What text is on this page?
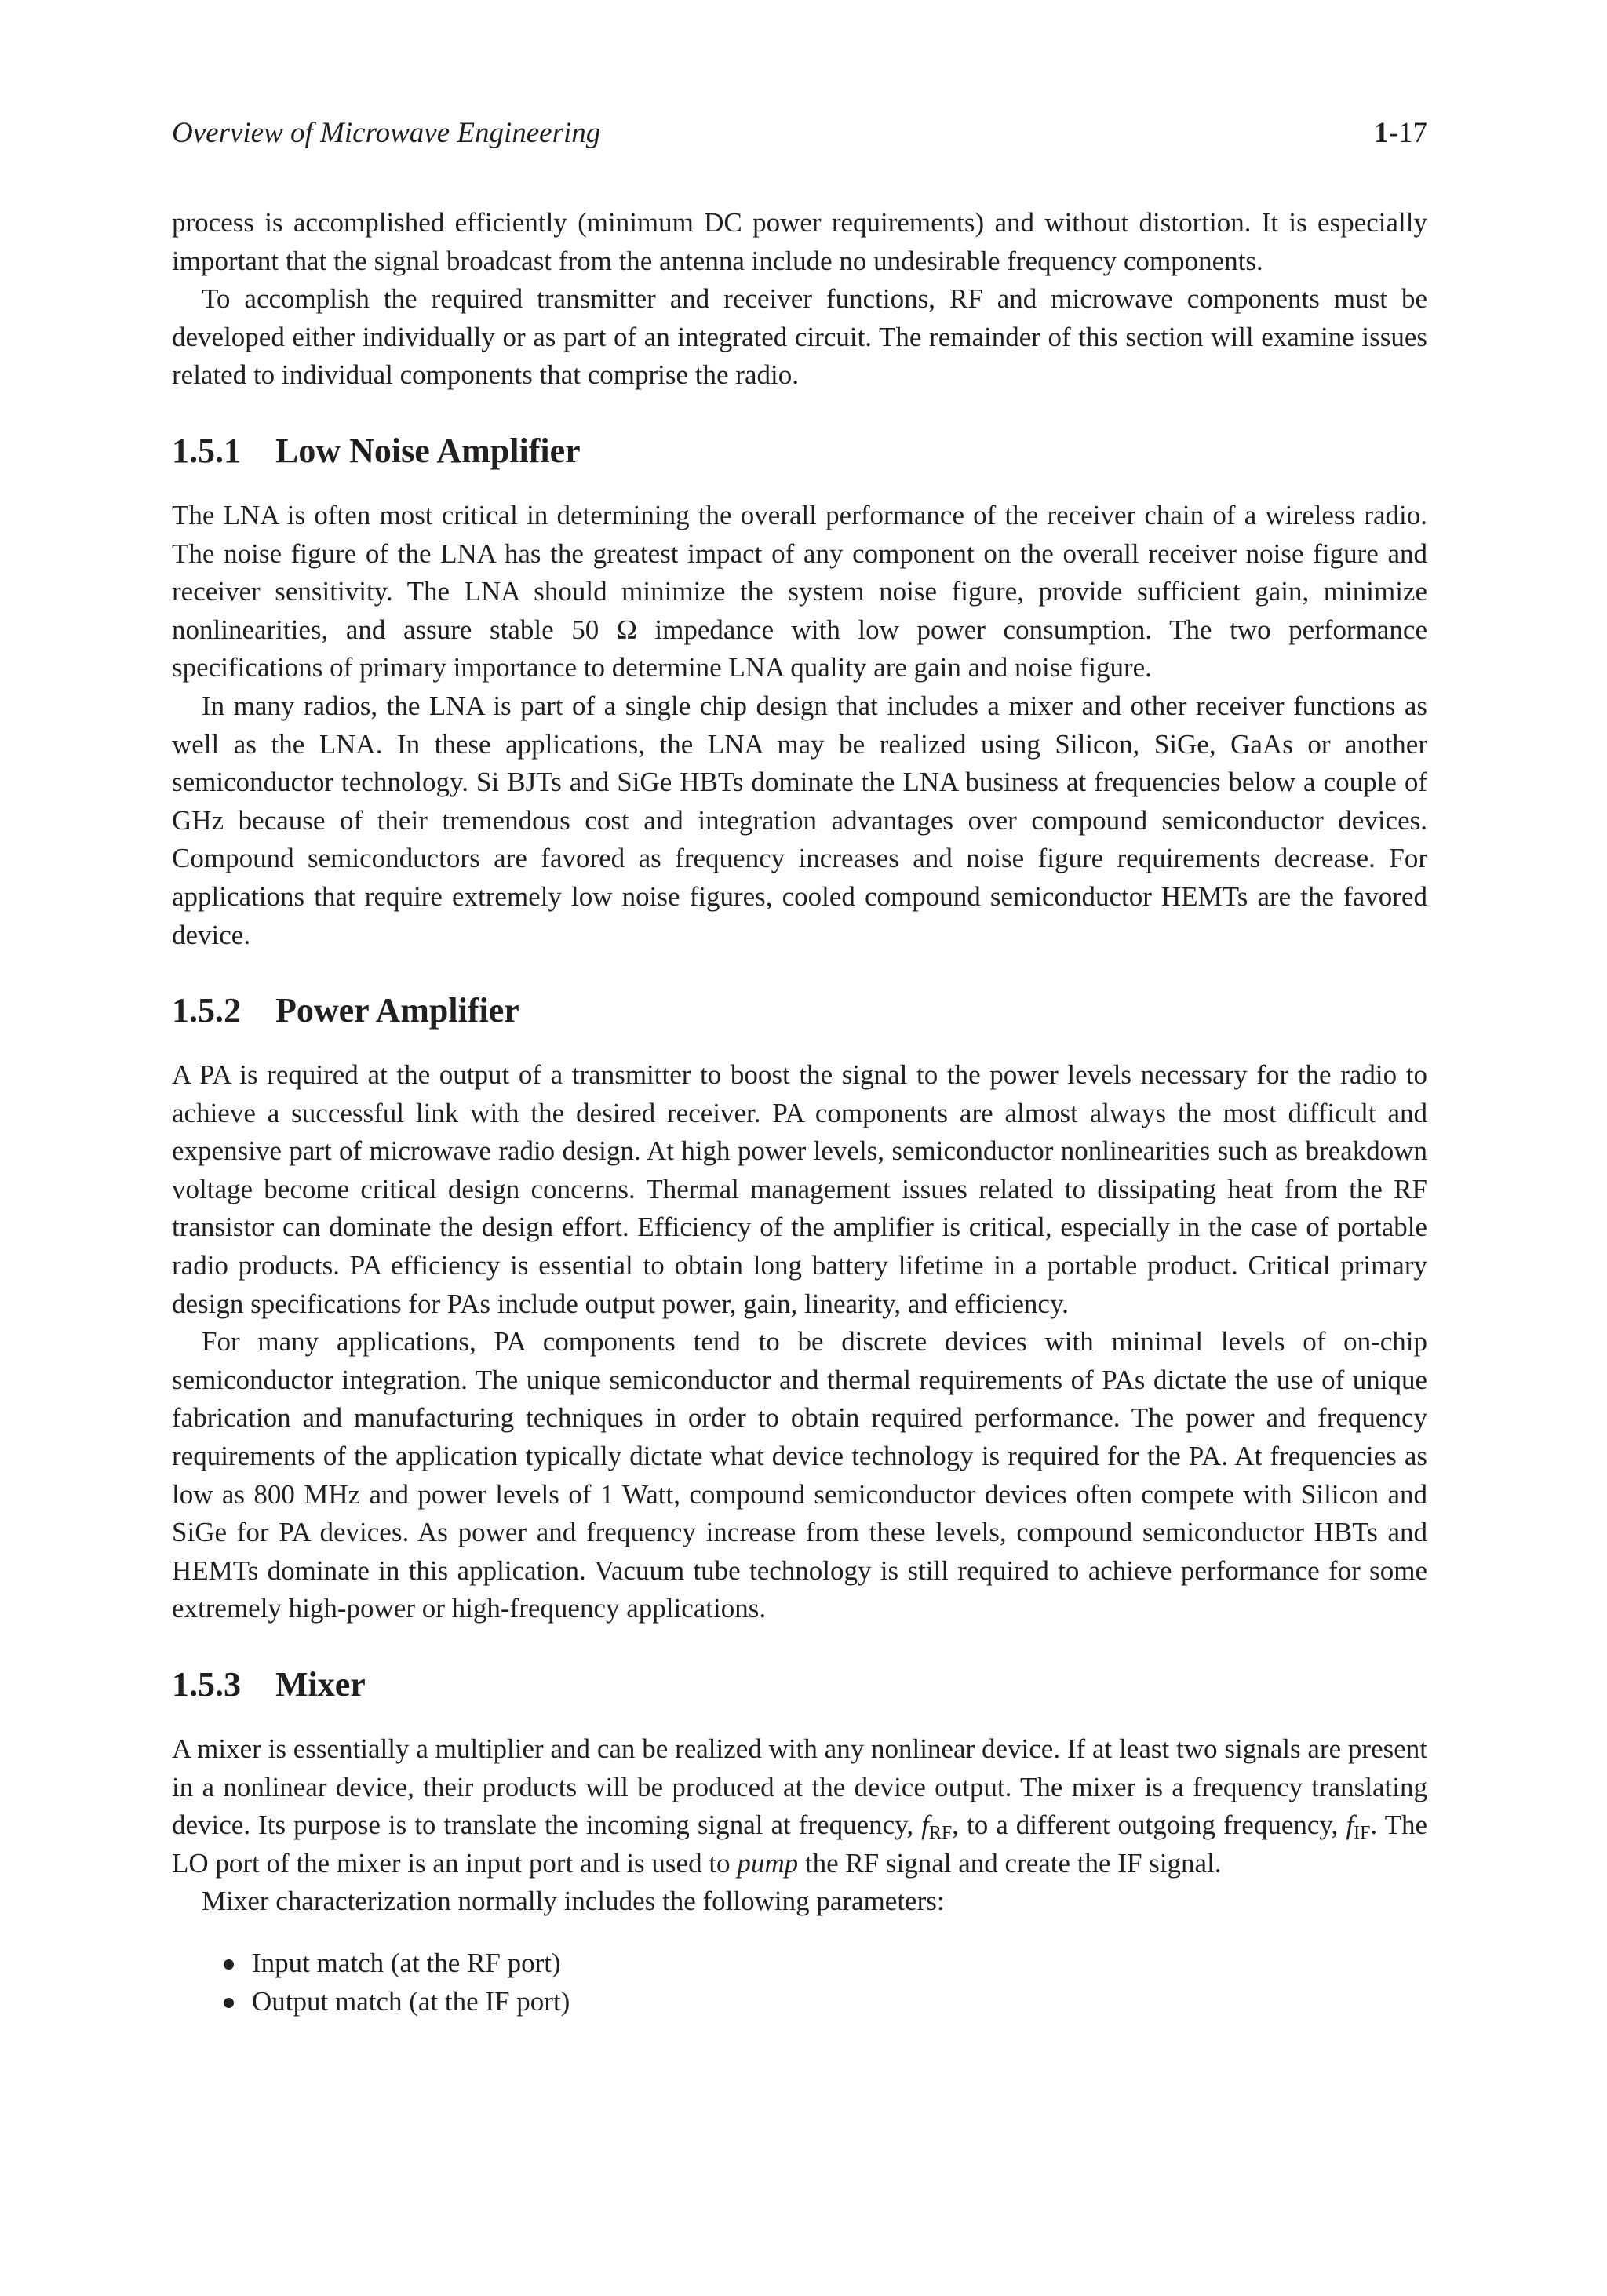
Overview of Microwave Engineering	1-17

process is accomplished efficiently (minimum DC power requirements) and without distortion. It is especially important that the signal broadcast from the antenna include no undesirable frequency components.

To accomplish the required transmitter and receiver functions, RF and microwave components must be developed either individually or as part of an integrated circuit. The remainder of this section will examine issues related to individual components that comprise the radio.

1.5.1 Low Noise Amplifier

The LNA is often most critical in determining the overall performance of the receiver chain of a wireless radio. The noise figure of the LNA has the greatest impact of any component on the overall receiver noise figure and receiver sensitivity. The LNA should minimize the system noise figure, provide sufficient gain, minimize nonlinearities, and assure stable 50 Ω impedance with low power consumption. The two performance specifications of primary importance to determine LNA quality are gain and noise figure.

In many radios, the LNA is part of a single chip design that includes a mixer and other receiver functions as well as the LNA. In these applications, the LNA may be realized using Silicon, SiGe, GaAs or another semiconductor technology. Si BJTs and SiGe HBTs dominate the LNA business at frequencies below a couple of GHz because of their tremendous cost and integration advantages over compound semiconductor devices. Compound semiconductors are favored as frequency increases and noise figure requirements decrease. For applications that require extremely low noise figures, cooled compound semiconductor HEMTs are the favored device.

1.5.2 Power Amplifier

A PA is required at the output of a transmitter to boost the signal to the power levels necessary for the radio to achieve a successful link with the desired receiver. PA components are almost always the most difficult and expensive part of microwave radio design. At high power levels, semiconductor nonlinearities such as breakdown voltage become critical design concerns. Thermal management issues related to dissipating heat from the RF transistor can dominate the design effort. Efficiency of the amplifier is critical, especially in the case of portable radio products. PA efficiency is essential to obtain long battery lifetime in a portable product. Critical primary design specifications for PAs include output power, gain, linearity, and efficiency.

For many applications, PA components tend to be discrete devices with minimal levels of on-chip semiconductor integration. The unique semiconductor and thermal requirements of PAs dictate the use of unique fabrication and manufacturing techniques in order to obtain required performance. The power and frequency requirements of the application typically dictate what device technology is required for the PA. At frequencies as low as 800 MHz and power levels of 1 Watt, compound semiconductor devices often compete with Silicon and SiGe for PA devices. As power and frequency increase from these levels, compound semiconductor HBTs and HEMTs dominate in this application. Vacuum tube technology is still required to achieve performance for some extremely high-power or high-frequency applications.

1.5.3 Mixer

A mixer is essentially a multiplier and can be realized with any nonlinear device. If at least two signals are present in a nonlinear device, their products will be produced at the device output. The mixer is a frequency translating device. Its purpose is to translate the incoming signal at frequency, $f_{RF}$, to a different outgoing frequency, $f_{IF}$. The LO port of the mixer is an input port and is used to pump the RF signal and create the IF signal.

Mixer characterization normally includes the following parameters:

Input match (at the RF port)
Output match (at the IF port)
